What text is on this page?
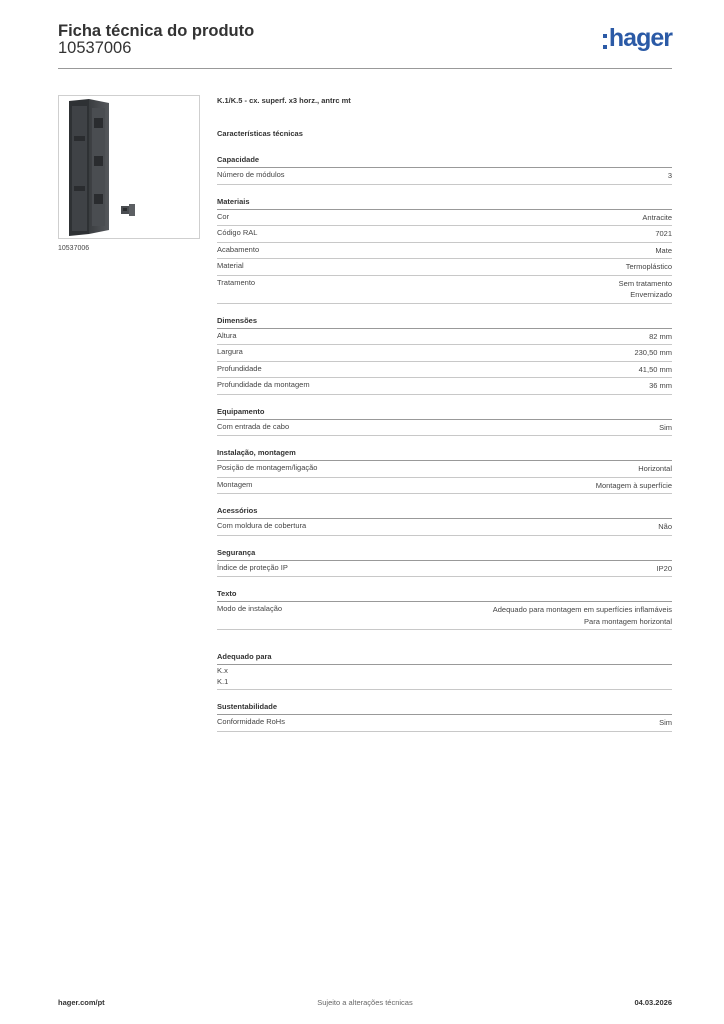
Ficha técnica do produto
10537006	hager
10537006
K.1/K.5 - cx. superf. x3 horz., antrc mt
Características técnicas
Capacidade
Número de módulos	3
Materiais
Cor	Antracite
Código RAL	7021
Acabamento	Mate
Material	Termoplástico
Tratamento	Sem tratamento
Envernizado
Dimensões
Altura	82 mm
Largura	230,50 mm
Profundidade	41,50 mm
Profundidade da montagem	36 mm
Equipamento
Com entrada de cabo	Sim
Instalação, montagem
Posição de montagem/ligação	Horizontal
Montagem	Montagem à superfície
Acessórios
Com moldura de cobertura	Não
Segurança
Índice de proteção IP	IP20
Texto
Modo de instalação	Adequado para montagem em superfícies inflamáveis
Para montagem horizontal
Adequado para
K.x
K.1
Sustentabilidade
Conformidade RoHs	Sim
hager.com/pt	Sujeito a alterações técnicas	04.03.2026
